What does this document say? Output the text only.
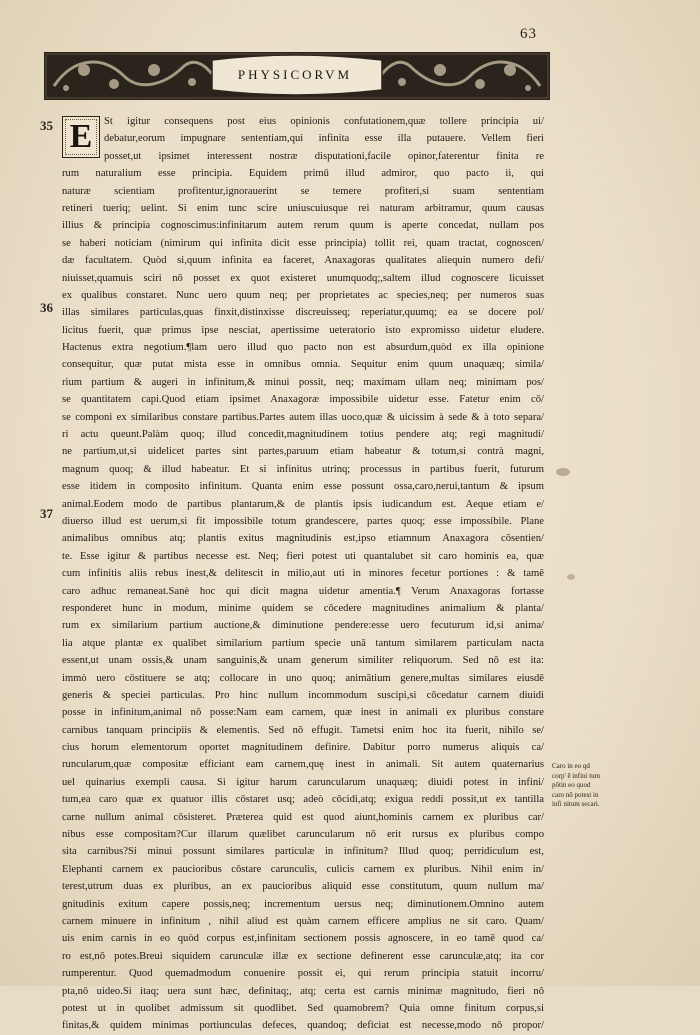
63
PHYSICORVM
35
36
37
St igitur consequens post eius opinionis confutationem,quæ tollere principia ui/
debatur,eorum impugnare sententiam,qui infinita esse illa putauere. Vellem fieri
posset,ut ipsimet interessent nostræ disputationi,facile opinor,faterentur finita re
rum naturalium esse principia. Equidem primū illud admiror, quo pacto ii, qui
naturæ scientiam profitentur,ignorauerint se temere profiteri,si suam sententiam
retineri tueriq; uelint. Si enim tunc scire uniuscuiusque rei naturam arbitramur, quum causas
illius & principia cognoscimus:infinitarum autem rerum quum is aperte concedat, nullam pos
se haberi noticiam (nimirum qui infinita dicit esse principia) tollit rei, quam tractat, cognoscen/
dæ facultatem. Quòd si,quum infinita ea faceret, Anaxagoras qualitates aliequin numero defi/
niuisset,quamuis sciri nō posset ex quot existeret unumquodq;,saltem illud cognoscere licuisset
ex qualibus constaret. Nunc uero quum neq; per proprietates ac species,neq; per numeros suas
illas similares particulas,quas finxit,distinxisse discreuisseq; reperiatur,quumq; ea se docere pol/
licitus fuerit, quæ primus ipse nesciat, apertissime ueteratorio isto expromisso uidetur eludere.
Hactenus extra negotium.¶lam uero illud quo pacto non est absurdum,quòd ex illa opinione
consequitur, quæ putat mista esse in omnibus omnia. Sequitur enim quum unaquæq; simila/
rium partium & augeri in infinitum,& minui possit, neq; maximam ullam neq; minimam pos/
se quantitatem capi.Quod etiam ipsimet Anaxagoræ impossibile uidetur esse. Fatetur enim cō/
se componi ex similaribus constare partibus.Partes autem illas uoco,quæ & uicissim à sede & à toto separa/
ri actu queunt.Palàm quoq; illud concedit,magnitudinem totius pendere atq; regi magnitudi/
ne partium,ut,si uidelicet partes sint partes,paruum etiam habeatur & totum,si contrà magni,
magnum quoq; & illud habeatur. Et si infinitus utrinq; processus in partibus fuerit, futurum
esse itidem in composito infinitum. Quanta enim esse possunt ossa,caro,nerui,tantum & ipsum
animal.Eodem modo de partibus plantarum,& de plantis ipsis iudicandum est. Aeque etiam e/
diuerso illud est uerum,si fit impossibile totum grandescere, partes quoq; esse impossibile. Plane
animalibus omnibus atq; plantis exitus magnitudinis est,ipso etiamnum Anaxagora cōsentien/
te. Esse igitur & partibus necesse est. Neq; fieri potest uti quantalubet sit caro hominis ea, quæ
cum infinitis aliis rebus inest,& delitescit in milio,aut uti in minores fecetur portiones : & tamē
caro adhuc remaneat.Sanè hoc qui dicit magna uidetur amentia.¶ Verum Anaxagoras fortasse
responderet hunc in modum, minime quidem se cōcedere magnitudines animalium & planta/
rum ex similarium partium auctione,& diminutione pendere:esse uero fecuturum id,si anima/
lia atque plantæ ex qualibet similarium partium specie unā tantum similarem particulam nacta
essent,ut unam ossis,& unam sanguinis,& unam generum similiter reliquorum. Sed nō est ita:
immò uero cōstituere se atq; collocare in uno quoq; animātium genere,multas similares eiusdē
generis & speciei particulas. Pro hinc nullum incommodum suscipi,si cōcedatur carnem diuidi
posse in infinitum,animal nō posse:Nam eam carnem, quæ inest in animali ex pluribus constare
carnibus tanquam principiis & elementis. Sed nō effugit. Tametsi enim hoc ita fuerit, nihilo se/
cius horum elementorum oportet magnitudinem definire. Dabitur porro numerus aliquis ca/
runcularum,quæ compositæ efficiant eam carnem,quę inest in animali. Sit autem quaternarius
uel quinarius exempli causa. Si igitur harum caruncularum unaquæq; diuidi potest in infini/
tum,ea caro quæ ex quatuor illis cōstaret usq; adeò cōcidi,atq; exigua reddi possit,ut ex tantilla
carne nullum animal cōsisteret. Præterea quid est quod aiunt,hominis carnem ex pluribus car/
nibus esse compositam?Cur illarum quælibet caruncularum nō erit rursus ex pluribus compo
sita carnibus?Si minui possunt similares particulæ in infinitum? Illud quoq; perridiculum est,
Elephanti carnem ex paucioribus cōstare carunculis, culicis carnem ex pluribus. Nihil enim in/
terest,utrum duas ex pluribus, an ex paucioribus aliquid esse constitutum, quum nullum ma/
gnitudinis exitum capere possis,neq; incrementum uersus neq; diminutionem.Omnino autem
carnem minuere in infinitum , nihil aliud est quàm carnem efficere amplius ne sit caro. Quam/
uis enim carnis in eo quòd corpus est,infinitam sectionem possis agnoscere, in eo tamē quod ca/
ro est,nō potes.Breui siquidem carunculæ illæ ex sectione definerent esse carunculæ,atq; ita cor
rumperentur. Quod quemadmodum conuenire possit ei, qui rerum principia statuit incorru/
pta,nō uideo.Si itaq; uera sunt hæc, definitaq;, atq; certa est carnis minimæ magnitudo, fieri nō
potest ut in quolibet admissum sit quodlibet. Sed quamobrem? Quia omne finitum corpus,si
finitas,& quidem minimas portiunculas defeces, quandoq; deficiat est necesse,modo nō propor/
E
Caro in eo qd corp' ê infini tum pōtin eo quod caro nō potest in infi nitum secari.
